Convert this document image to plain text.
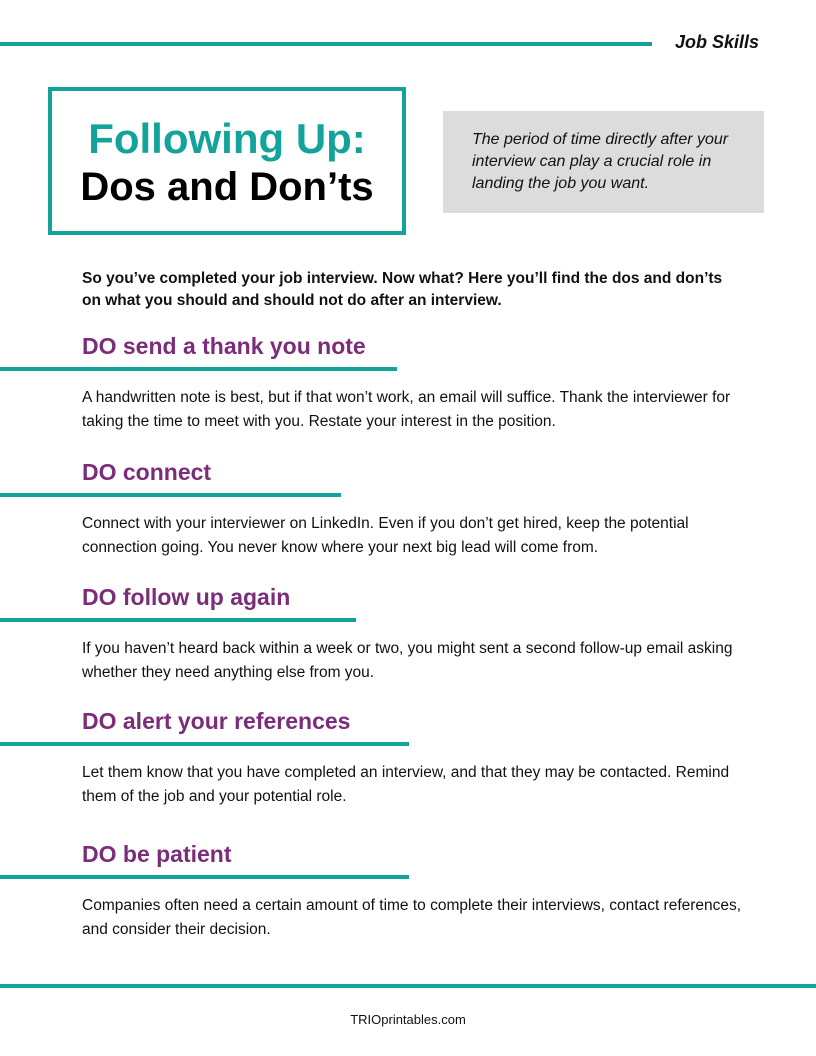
Job Skills
Following Up:
Dos and Don’ts
The period of time directly after your interview can play a crucial role in landing the job you want.
So you’ve completed your job interview. Now what? Here you’ll find the dos and don’ts on what you should and should not do after an interview.
DO send a thank you note

A handwritten note is best, but if that won’t work, an email will suffice. Thank the interviewer for taking the time to meet with you. Restate your interest in the position.

DO connect

Connect with your interviewer on LinkedIn. Even if you don’t get hired, keep the potential connection going. You never know where your next big lead will come from.

DO follow up again

If you haven’t heard back within a week or two, you might sent a second follow-up email asking whether they need anything else from you.

DO alert your references

Let them know that you have completed an interview, and that they may be contacted. Remind them of the job and your potential role.

DO be patient

Companies often need a certain amount of time to complete their interviews, contact references, and consider their decision.

TRIOprintables.com
